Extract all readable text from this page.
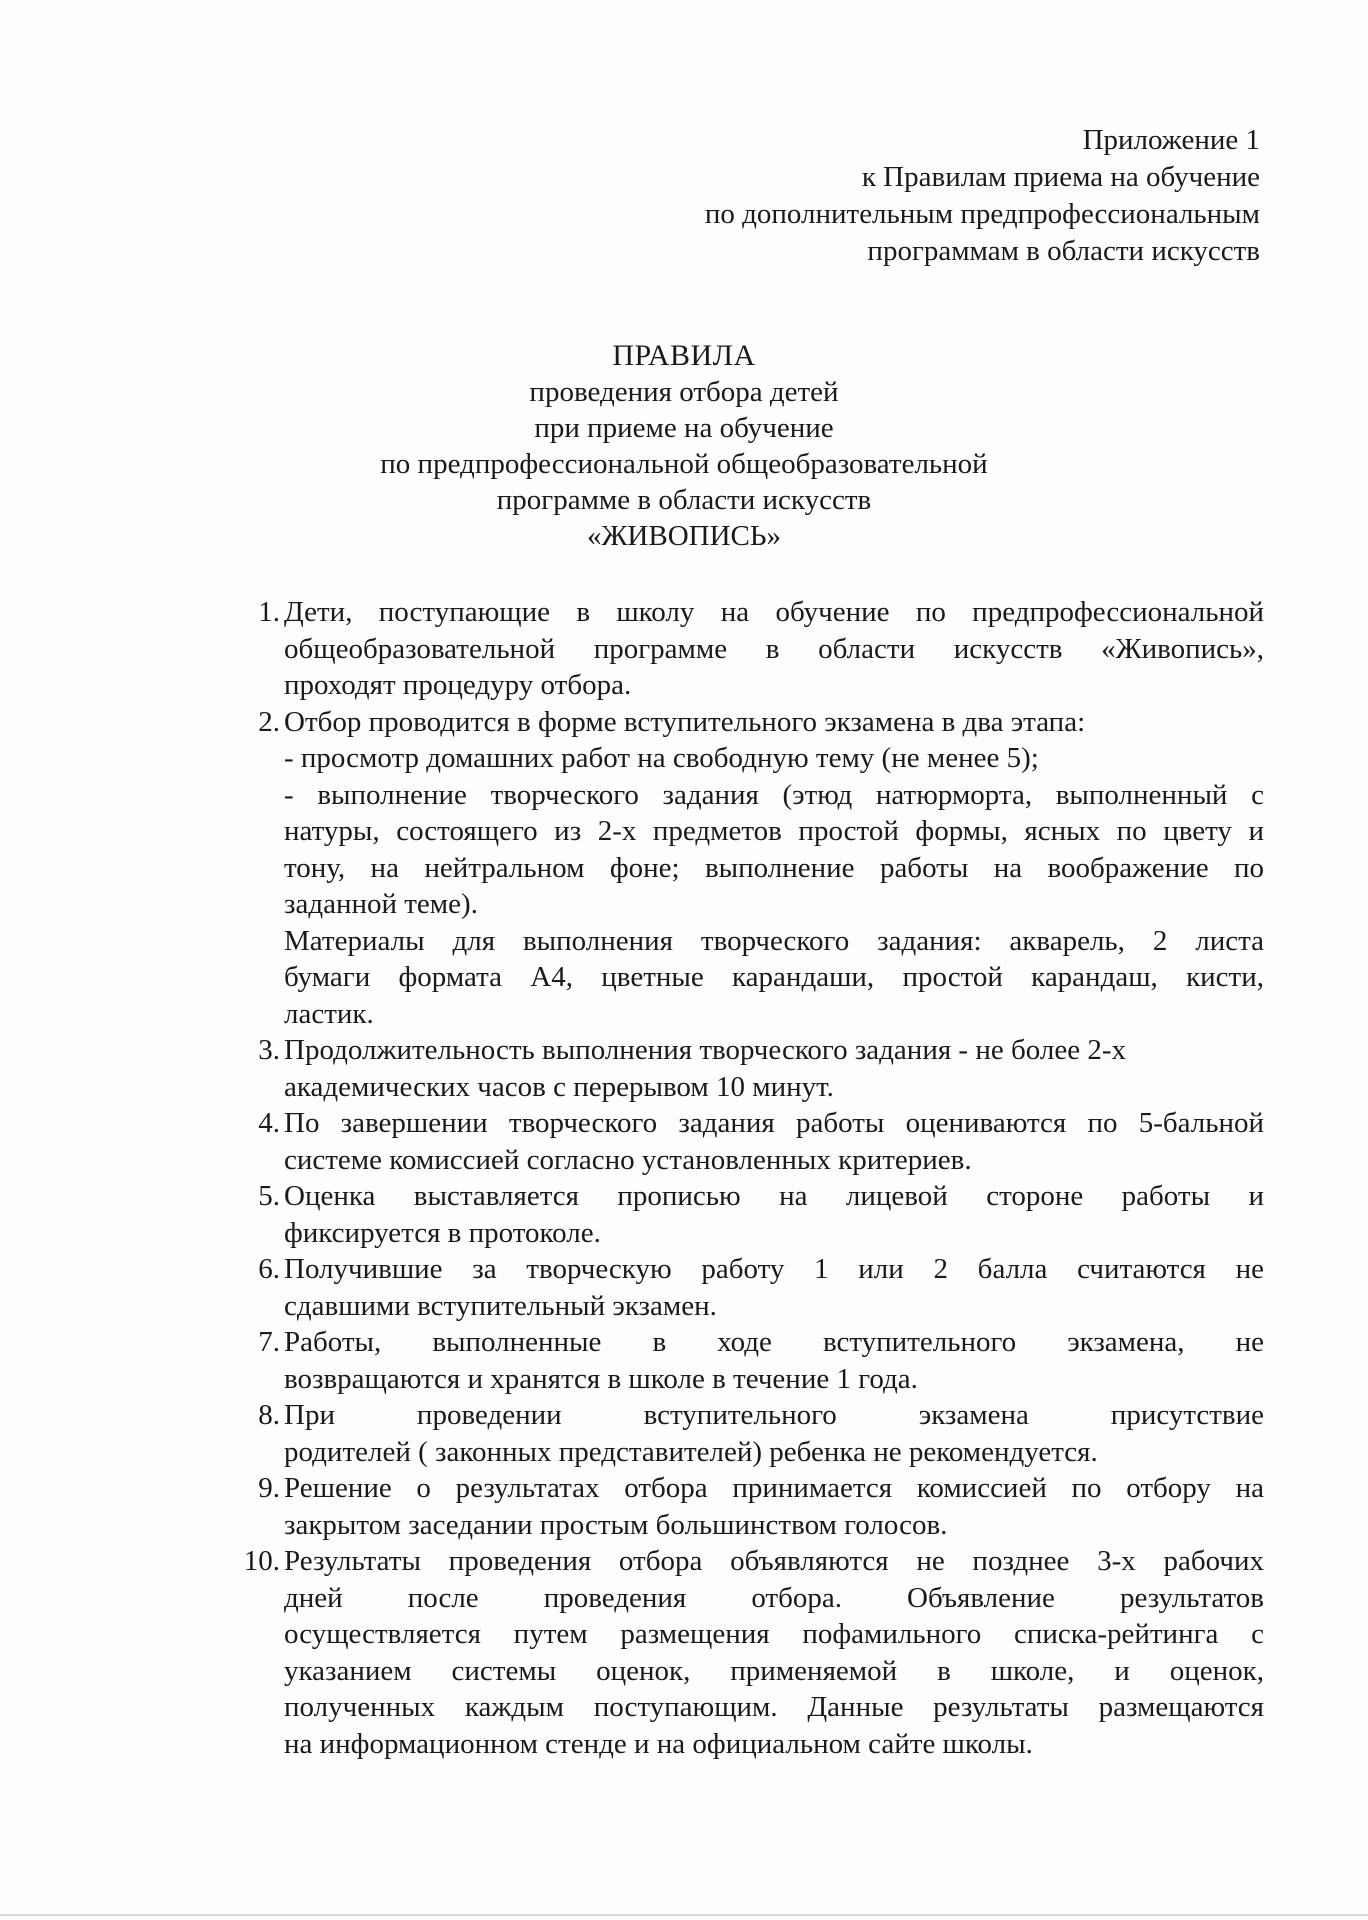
Приложение 1
к Правилам приема на обучение
по дополнительным предпрофессиональным
программам в области искусств
ПРАВИЛА
проведения отбора детей
при приеме на обучение
по предпрофессиональной общеобразовательной
программе в области искусств
«ЖИВОПИСЬ»
1. Дети, поступающие в школу на обучение по предпрофессиональной
общеобразовательной программе в области искусств «Живопись»,
проходят процедуру отбора.
2. Отбор проводится в форме вступительного экзамена в два этапа:
- просмотр домашних работ на свободную тему (не менее 5);
- выполнение творческого задания (этюд натюрморта, выполненный с
натуры, состоящего из 2-х предметов простой формы, ясных по цвету и
тону, на нейтральном фоне; выполнение работы на воображение по
заданной теме).
Материалы для выполнения творческого задания: акварель, 2 листа
бумаги формата А4, цветные карандаши, простой карандаш, кисти,
ластик.
3. Продолжительность выполнения творческого задания - не более 2-х
академических часов с перерывом 10 минут.
4. По завершении творческого задания работы оцениваются по 5-бальной
системе комиссией согласно установленных критериев.
5. Оценка выставляется прописью на лицевой стороне работы и
фиксируется в протоколе.
6. Получившие за творческую работу 1 или 2 балла считаются не
сдавшими вступительный экзамен.
7. Работы, выполненные в ходе вступительного экзамена, не
возвращаются и хранятся в школе в течение 1 года.
8. При проведении вступительного экзамена присутствие
родителей ( законных представителей) ребенка не рекомендуется.
9. Решение о результатах отбора принимается комиссией по отбору на
закрытом заседании простым большинством голосов.
10. Результаты проведения отбора объявляются не позднее 3-х рабочих
дней после проведения отбора. Объявление результатов
осуществляется путем размещения пофамильного списка-рейтинга с
указанием системы оценок, применяемой в школе, и оценок,
полученных каждым поступающим. Данные результаты размещаются
на информационном стенде и на официальном сайте школы.
